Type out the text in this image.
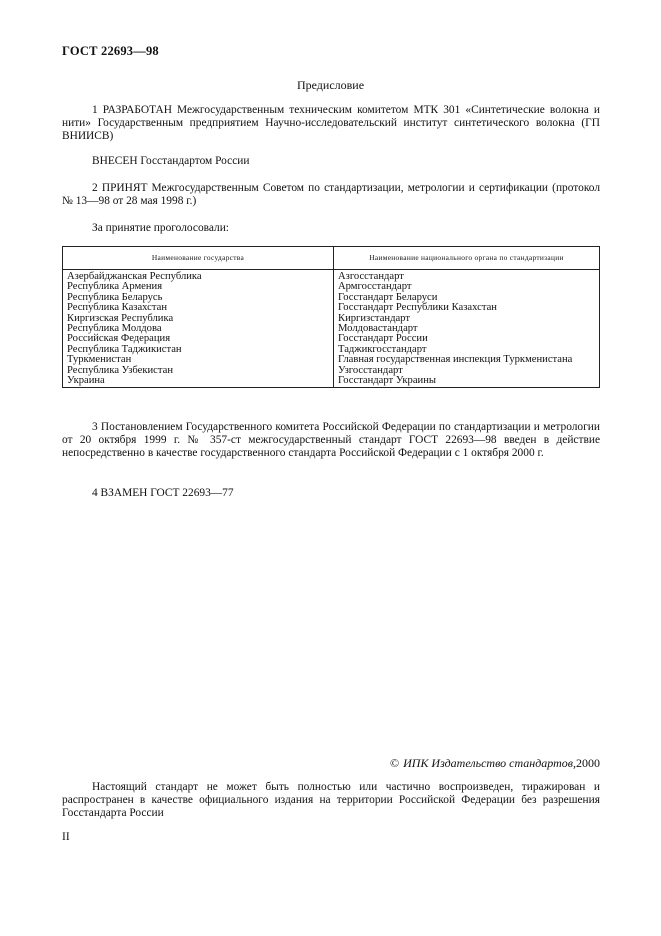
ГОСТ 22693—98
Предисловие

1 РАЗРАБОТАН Межгосударственным техническим комитетом МТК 301 «Синтетические волокна и нити» Государственным предприятием Научно-исследовательский институт синтетического волокна (ГП ВНИИСВ)

ВНЕСЕН Госстандартом России

2 ПРИНЯТ Межгосударственным Советом по стандартизации, метрологии и сертификации (протокол № 13—98 от 28 мая 1998 г.)

За принятие проголосовали:

Наименование государства	Наименование национального органа по стандартизации
Азербайджанская Республика	Азгосстандарт
Республика Армения	Армгосстандарт
Республика Беларусь	Госстандарт Беларуси
Республика Казахстан	Госстандарт Республики Казахстан
Киргизская Республика	Киргизстандарт
Республика Молдова	Молдовастандарт
Российская Федерация	Госстандарт России
Республика Таджикистан	Таджикгосстандарт
Туркменистан	Главная государственная инспекция Туркменистана
Республика Узбекистан	Узгосстандарт
Украина	Госстандарт Украины

3 Постановлением Государственного комитета Российской Федерации по стандартизации и метрологии от 20 октября 1999 г. № 357-ст межгосударственный стандарт ГОСТ 22693—98 введен в действие непосредственно в качестве государственного стандарта Российской Федерации с 1 октября 2000 г.

4 ВЗАМЕН ГОСТ 22693—77

© ИПК Издательство стандартов,2000

Настоящий стандарт не может быть полностью или частично воспроизведен, тиражирован и распространен в качестве официального издания на территории Российской Федерации без разрешения Госстандарта России

II
